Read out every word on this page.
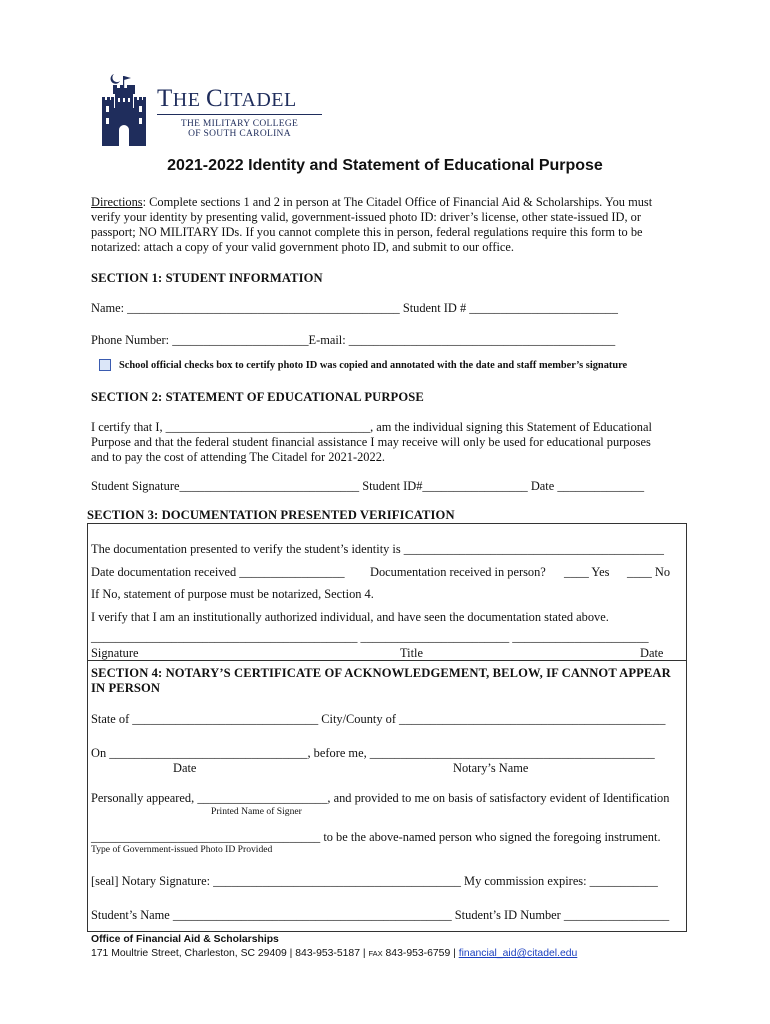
THE CITADEL
THE MILITARY COLLEGE
OF SOUTH CAROLINA
2021-2022 Identity and Statement of Educational Purpose
Directions: Complete sections 1 and 2 in person at The Citadel Office of Financial Aid & Scholarships. You must verify your identity by presenting valid, government-issued photo ID: driver’s license, other state-issued ID, or passport; NO MILITARY IDs. If you cannot complete this in person, federal regulations require this form to be notarized: attach a copy of your valid government photo ID, and submit to our office.
SECTION 1: STUDENT INFORMATION
Name: ____________________________________________ Student ID # ________________________
Phone Number: ______________________E-mail: ___________________________________________
School official checks box to certify photo ID was copied and annotated with the date and staff member’s signature
SECTION 2: STATEMENT OF EDUCATIONAL PURPOSE
I certify that I, _________________________________, am the individual signing this Statement of Educational
Purpose and that the federal student financial assistance I may receive will only be used for educational purposes
and to pay the cost of attending The Citadel for 2021-2022.
Student Signature_____________________________ Student ID#_________________ Date ______________
SECTION 3: DOCUMENTATION PRESENTED VERIFICATION
The documentation presented to verify the student’s identity is __________________________________________
Date documentation received _________________ Documentation received in person? ____ Yes ____ No
If No, statement of purpose must be notarized, Section 4.
I verify that I am an institutionally authorized individual, and have seen the documentation stated above.
___________________________________________ ________________________ ______________________
Signature	Title	Date
SECTION 4: NOTARY’S CERTIFICATE OF ACKNOWLEDGEMENT, BELOW, IF CANNOT APPEAR
IN PERSON
State of ______________________________ City/County of ___________________________________________
On ________________________________, before me, ______________________________________________
Date	Notary’s Name
Personally appeared, _____________________, and provided to me on basis of satisfactory evident of Identification
Printed Name of Signer
_____________________________________ to be the above-named person who signed the foregoing instrument.
Type of Government-issued Photo ID Provided
[seal] Notary Signature: ________________________________________ My commission expires: ___________
Student’s Name _____________________________________________ Student’s ID Number _________________
Office of Financial Aid & Scholarships
171 Moultrie Street, Charleston, SC 29409 | 843-953-5187 | FAX 843-953-6759 | financial_aid@citadel.edu
